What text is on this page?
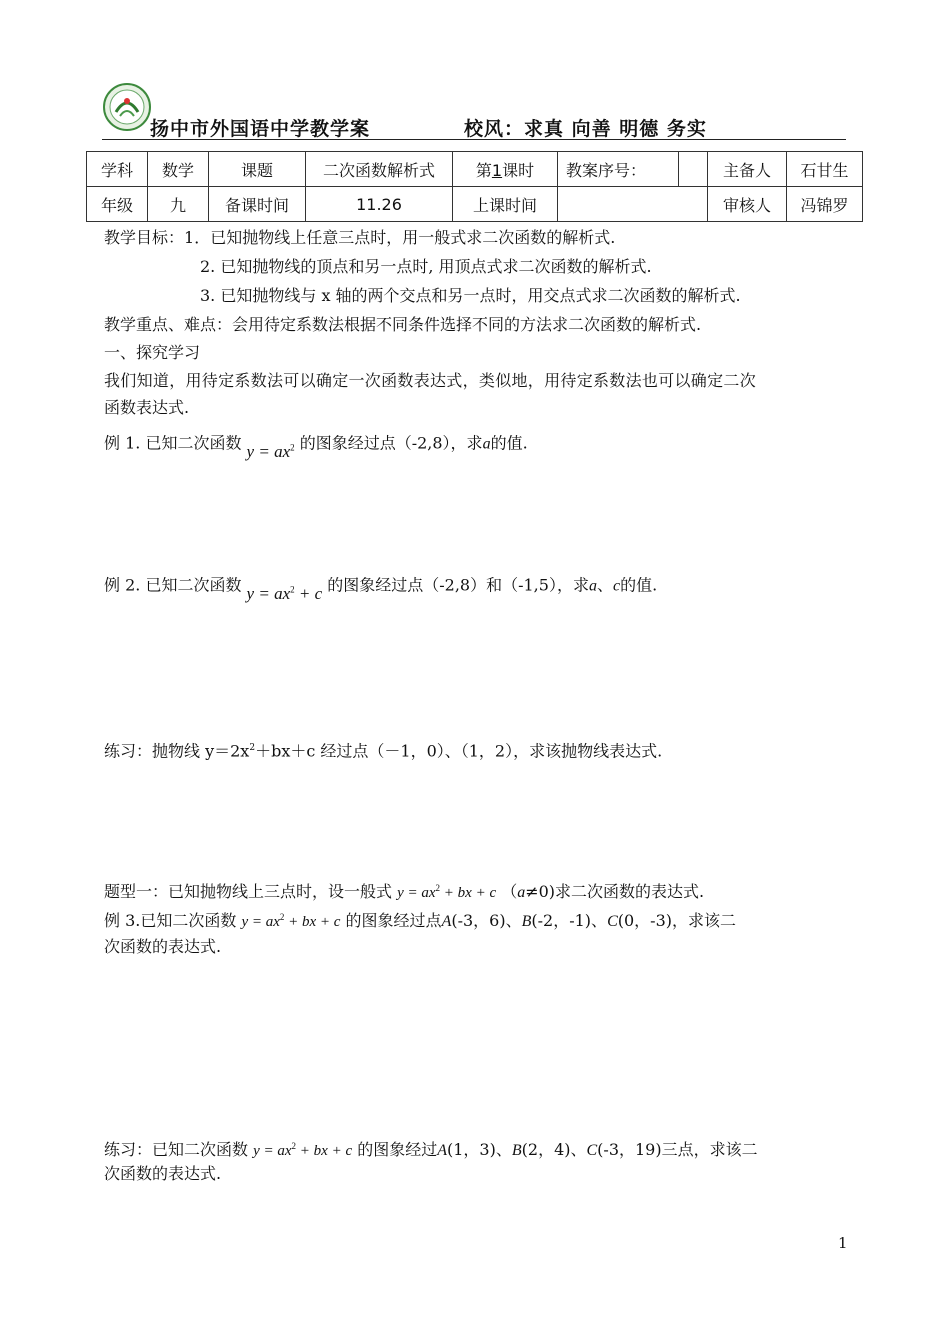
扬中市外国语中学教学案	校风：求真 向善 明德 务实
学科	数学	课题	二次函数解析式	第1课时	教案序号：		主备人	石甘生
年级	九	备课时间	11.26	上课时间			审核人	冯锦罗
教学目标：1．已知抛物线上任意三点时，用一般式求二次函数的解析式.
2. 已知抛物线的顶点和另一点时, 用顶点式求二次函数的解析式.
3. 已知抛物线与 x 轴的两个交点和另一点时，用交点式求二次函数的解析式.
教学重点、难点：会用待定系数法根据不同条件选择不同的方法求二次函数的解析式.
一、探究学习
我们知道，用待定系数法可以确定一次函数表达式，类似地，用待定系数法也可以确定二次
函数表达式.
例 1. 已知二次函数 $y = ax^2$ 的图象经过点（-2,8），求a的值.
例 2. 已知二次函数 $y = ax^2 + c$ 的图象经过点（-2,8）和（-1,5），求a、c的值.
练习：抛物线 $y=2x^2+bx+c$ 经过点（－1，0）、（1，2），求该抛物线表达式.
题型一：已知抛物线上三点时，设一般式 $y = ax^2$ + bx + c （a≠0)求二次函数的表达式.
例 3.已知二次函数 $y = ax^2$ + bx + c 的图象经过点A(-3，6)、B(-2，-1)、C(0，-3)，求该二
次函数的表达式.
练习：已知二次函数 $y = ax^2$ + bx + c 的图象经过A(1，3)、B(2，4)、C(-3，19)三点，求该二
次函数的表达式.
1
